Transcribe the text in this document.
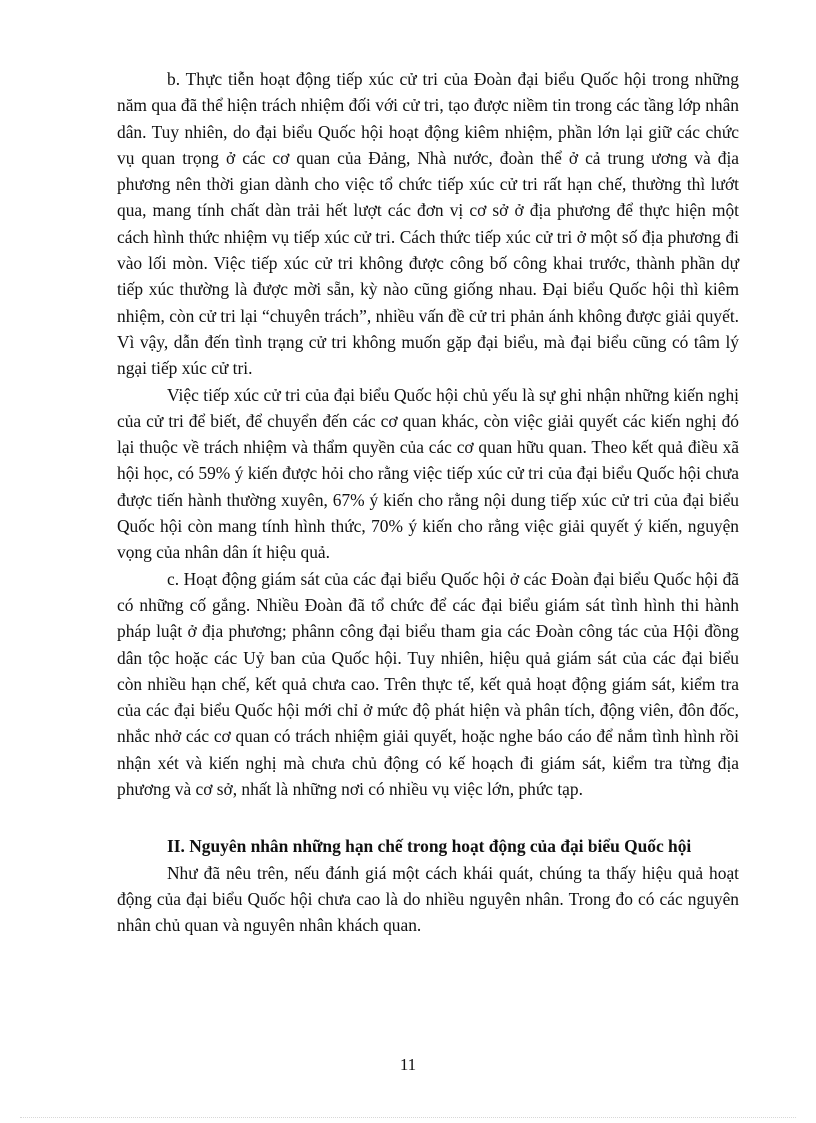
b. Thực tiễn hoạt động tiếp xúc cử tri của Đoàn đại biểu Quốc hội trong những năm qua đã thể hiện trách nhiệm đối với cử tri, tạo được niềm tin trong các tầng lớp nhân dân. Tuy nhiên, do đại biểu Quốc hội hoạt động kiêm nhiệm, phần lớn lại giữ các chức vụ quan trọng ở các cơ quan của Đảng, Nhà nước, đoàn thể ở cả trung ương và địa phương nên thời gian dành cho việc tổ chức tiếp xúc cử tri rất hạn chế, thường thì lướt qua, mang tính chất dàn trải hết lượt các đơn vị cơ sở ở địa phương để thực hiện một cách hình thức nhiệm vụ tiếp xúc cử tri. Cách thức tiếp xúc cử tri ở một số địa phương đi vào lối mòn. Việc tiếp xúc cử tri không được công bố công khai trước, thành phần dự tiếp xúc thường là được mời sẵn, kỳ nào cũng giống nhau. Đại biểu Quốc hội thì kiêm nhiệm, còn cử tri lại “chuyên trách”, nhiều vấn đề cử tri phản ánh không được giải quyết. Vì vậy, dẫn đến tình trạng cử tri không muốn gặp đại biểu, mà đại biểu cũng có tâm lý ngại tiếp xúc cử tri.

Việc tiếp xúc cử tri của đại biểu Quốc hội chủ yếu là sự ghi nhận những kiến nghị của cử tri để biết, để chuyển đến các cơ quan khác, còn việc giải quyết các kiến nghị đó lại thuộc về trách nhiệm và thẩm quyền của các cơ quan hữu quan. Theo kết quả điều xã hội học, có 59% ý kiến được hỏi cho rằng việc tiếp xúc cử tri của đại biểu Quốc hội chưa được tiến hành thường xuyên, 67% ý kiến cho rằng nội dung tiếp xúc cử tri của đại biểu Quốc hội còn mang tính hình thức, 70% ý kiến cho rằng việc giải quyết ý kiến, nguyện vọng của nhân dân ít hiệu quả.

c. Hoạt động giám sát của các đại biểu Quốc hội ở các Đoàn đại biểu Quốc hội đã có những cố gắng. Nhiều Đoàn đã tổ chức để các đại biểu giám sát tình hình thi hành pháp luật ở địa phương; phânn công đại biểu tham gia các Đoàn công tác của Hội đồng dân tộc hoặc các Uỷ ban của Quốc hội. Tuy nhiên, hiệu quả giám sát của các đại biểu còn nhiều hạn chế, kết quả chưa cao. Trên thực tế, kết quả hoạt động giám sát, kiểm tra của các đại biểu Quốc hội mới chỉ ở mức độ phát hiện và phân tích, động viên, đôn đốc, nhắc nhở các cơ quan có trách nhiệm giải quyết, hoặc nghe báo cáo để nắm tình hình rồi nhận xét và kiến nghị mà chưa chủ động có kế hoạch đi giám sát, kiểm tra từng địa phương và cơ sở, nhất là những nơi có nhiều vụ việc lớn, phức tạp.

II. Nguyên nhân những hạn chế trong hoạt động của đại biểu Quốc hội

Như đã nêu trên, nếu đánh giá một cách khái quát, chúng ta thấy hiệu quả hoạt động của đại biểu Quốc hội chưa cao là do nhiều nguyên nhân. Trong đo có các nguyên nhân chủ quan và nguyên nhân khách quan.

11
